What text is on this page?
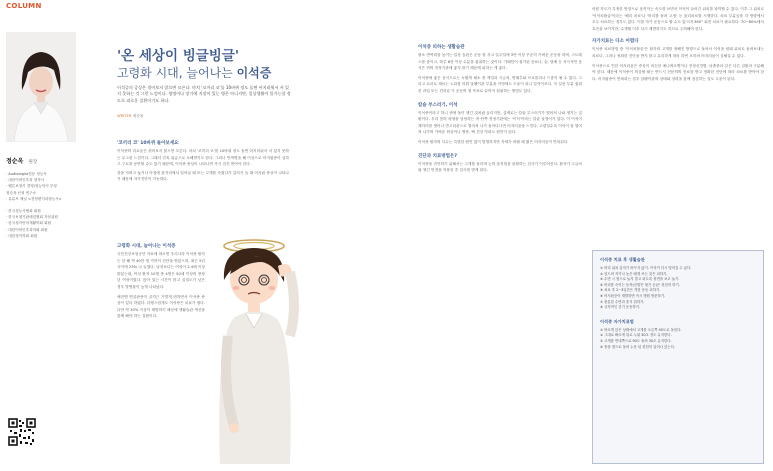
COLUMN
정순옥 원장
· Audiologist전문 청능사
· 대한이비인후과 청각사
· 웰튼보청기 경영/청능학사 부장
청순옥 난청 연구소
· 유튜브 채널 <전정변이과청능사>
· 한국청능사협회 회원
· 한국보청기판매업협회 자문위원
· 한국청각언어재활학회 회원
· 대한이비인후과학회 회원
· 대한청각학회 회원
'온 세상이 빙글빙글'
고령화 시대, 늘어나는 이석증
이석증의 증상은 겪어보지 않으면 모른다. 마치 '코끼리 코'를 10바퀴 정도 돌면 어지러워서 서 있지 못하는 것 그런 느낌이다. 생명이나 장기에 지장이 있는 병은 아니지만, 일상생활이 불가능할 정도로 괴로운 질환이기도 하다.
WRITER 정순옥
'코끼리 코' 10바퀴 돌아보세요
이석증의 괴로움은 겪어보지 않으면 모른다. 마치 '코끼리 코'를 10바퀴 정도 돌면 어지러워서 서 있지 못하는 무그런 느낌이다. 그래서 간혹 위급으로 오해받기도 한다. 그러나 안색병을 해 이상으로 어지럼증이 심하고 구토를 동반할 수도 있기 때문에, 이석증 증상이 나타나면 즉시 검진 받아야 한다.
잠을 자려고 눕거나 아침에 잠자리에서 일어날 때 또는 고개를 숙였다가 갑자기 들 때 어지럼 증상이 나타나기 때문에 자가진단이 가능하다.
고령화 시대, 늘어나는 이석증
국민건강보험공단 자료에 따르면 우리나라 이석증 환자는 한 해 약 40만 명 가까이 진단을 받았으며, 최근 5년 사이에 23% 나 늘었다. 남성보다는 여성이 2.4배 이상 많았는데, 여성 환자 10명 중 4명은 50세 이상의 중장년 여성이었다. 앉아 있는 시간이 많고 골밀도가 낮은 경우 발병률이 높게 나타났다.
예전엔 연골판증이 골격근 가볍게 변하면서 이석증 증상이 있다 하였다. 다행스럽게도 이석증은 치료가 쉽다. 다만 약 30% 이상이 재발하기 때문에 생활습관 개선을 함께 해야 하는 질환이다.
이석증 피하는 생활습관
평소 면역력을 높이는 일상 습관은 운동 잘 자고 일주일에 3번 이상 꾸준히 가벼운 운동을 하며, 스트레스를 줄이고, 하루 8잔 이상 수분을 섭취하는 것이다. 카페인이 첨가된 음료나, 술, 담배 등 자극적인 음식은 귀의 전정기관에 좋지 않기 때문에 피하는 게 좋다.
이석증에 좋은 음식으로는 녹황색 채소 중 케일과 시금치, 양배추와 브로콜리나 드릅이 될 수 있다. 그리고 토마토 재료는 노화를 미뤄 달팽이관 부분을 이명에도 도움이 되니 일석이조다. 꼭 실천 부분 섭취한 과일 또는 견과류 가 운동의 형 목표로 끝까지 섭취하는 방법도 있다.
칼슘 부스러기, 이석
이석증이라고 하니 귀에 돌이 생긴 것처럼 들리지만, 실제로는 칼슘 부스러기가 떨어져 나와 생기는 질환이다. 우리 몸의 평형을 담당하는 귀 안쪽 전정기관에는 '이석'이라는 칼슘 알갱이가 있다. 이 이석이 제자리를 벗어나 반고리관으로 떨어져 나가 돌아다니면 어지러움을 느낀다. 고령일수록 이석이 잘 떨어져 나가며 가벼운 외상이나 염증, 뼈 건강 악화도 원인이 된다.
이석증 환자의 다수는 특별한 원인 없이 발생하지만 자세가 바뀔 때 짧은 어지러움이 반복된다.
진단과 치료방법은?
이석증을 진단하기 위해서는 고개를 돌리며 눈의 움직임을 관찰하는 검사가 이루어진다. 환자가 고글처럼 생긴 안경을 착용한 후 검사를 받게 된다.
어떤 각도가 특정한 방향으로 움직이는 속도를 보면서 이석이 들어간 위치를 파악할 수 있다. 이후 그 위치로 '이석치환술'이라는 '해리 치료'나 '머리를 돌려 고정' 등 물리치료를 시행한다. 치료 부분들을 각 방향에서 모두 치료하는 경우도 있다. 이를 자가 운동으로 할 수도 있으며 360° 회전 치료가 필요하다. 70~80%에서 호전을 보이지만, 수개월 이후 다시 재발하기도 하므로 주의해야 한다.
자가치료는 다소 어렵다
이석증 치료방법 중 '이석치환술'은 환자의 고개를 정해진 방향으로 돌려서 이석을 원래 위치로 돌려보내는 치료다. 그러나 정확한 진단을 받지 않고 무리하게 따라 하면 오히려 어지러움이 심해질 수 있다.
이석증으로 인한 어지러움은 증상이 비슷한 메니에르병이나 전정신경염, 뇌졸중과 같은 다른 질환과 구분해야 한다. 때문에 이석증이 의심될 때는 반드시 전문의의 진료를 받고 정확한 진단에 따라 치료를 받아야 한다. 어지럼증이 반복되는 경우 달팽이관의 상태와 청력을 함께 점검하는 것도 도움이 된다.
이석증 치료 후 생활습관
① 머리 위치 갑자기 바꾸지 않기. 이석이 다시 떨어질 수 있다.
② 엎드려 자거나 높은 베개 쓰는 것은 피하기.
③ 수면 시 옆으로 눕지 말고 되도록 정면을 보고 눕기.
④ 머리를 숙이는 동작(신발끈 묶기 등)은 천천히 하기.
⑤ 치료 후 2~3일간은 격한 운동 피하기.
⑥ 어지럼증이 재발하면 즉시 병원 방문하기.
⑦ 충분한 수면과 휴식 취하기.
⑧ 규칙적인 걷기 운동하기.
이석증 자가치료법
① 바르게 앉은 상태에서 고개를 오른쪽 45도로 돌린다.
② 그대로 빠르게 뒤로 누워 30초 정도 유지한다.
③ 고개를 반대쪽으로 90도 돌려 30초 유지한다.
④ 몸을 옆으로 돌려 누운 뒤 천천히 일어나 앉는다.
